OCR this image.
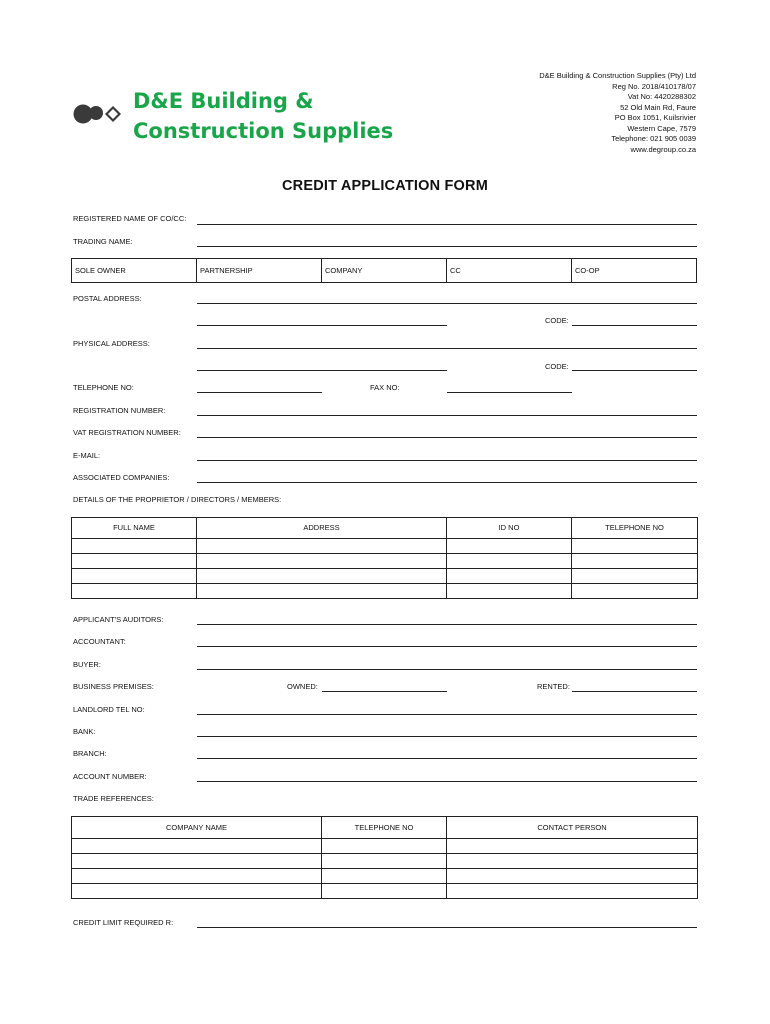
D&E Building &
Construction Supplies
D&E Building & Construction Supplies (Pty) Ltd
Reg No. 2018/410178/07
Vat No: 4420288302
52 Old Main Rd, Faure
PO Box 1051, Kuilsrivier
Western Cape, 7579
Telephone: 021 905 0039
www.degroup.co.za
CREDIT APPLICATION FORM
REGISTERED NAME OF CO/CC:
TRADING NAME:
SOLE OWNER	PARTNERSHIP	COMPANY	CC	CO-OP
POSTAL ADDRESS:
CODE:
PHYSICAL ADDRESS:
CODE:
TELEPHONE NO:	FAX NO:
REGISTRATION NUMBER:
VAT REGISTRATION NUMBER:
E-MAIL:
ASSOCIATED COMPANIES:
DETAILS OF THE PROPRIETOR / DIRECTORS / MEMBERS:
FULL NAME	ADDRESS	ID NO	TELEPHONE NO

APPLICANT'S AUDITORS:
ACCOUNTANT:
BUYER:
BUSINESS PREMISES:	OWNED:	RENTED:
LANDLORD TEL NO:
BANK:
BRANCH:
ACCOUNT NUMBER:
TRADE REFERENCES:
COMPANY NAME	TELEPHONE NO	CONTACT PERSON

CREDIT LIMIT REQUIRED R:
